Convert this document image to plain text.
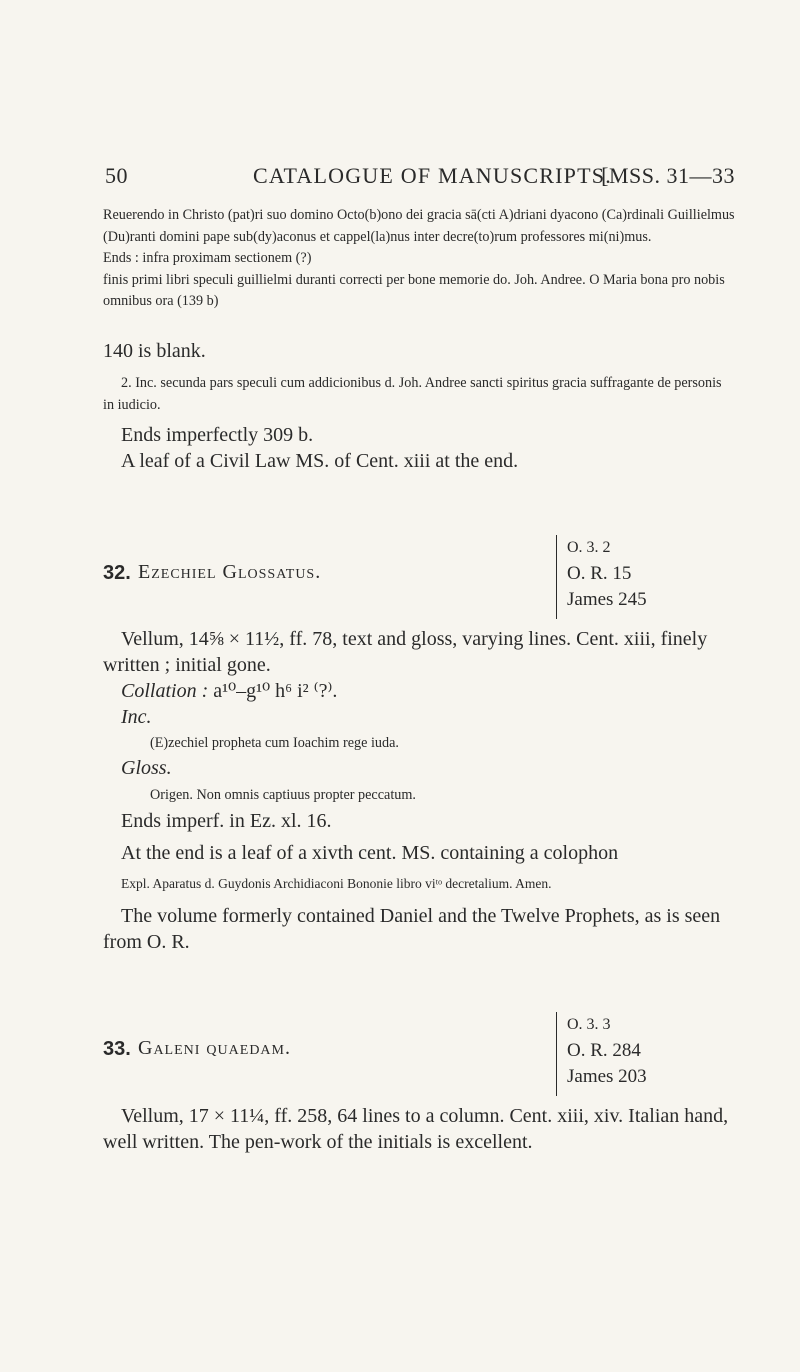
50	CATALOGUE OF MANUSCRIPTS.
[MSS. 31—33
Reuerendo in Christo (pat)ri suo domino Octo(b)ono dei gracia sā(cti A)driani dyacono (Ca)rdinali Guillielmus (Du)ranti domini pape sub(dy)aconus et cappel(la)nus inter decre(to)rum professores mi(ni)mus.
Ends : infra proximam sectionem (?)
finis primi libri speculi guillielmi duranti correcti per bone memorie do. Joh. Andree. O Maria bona pro nobis omnibus ora (139 b)
140 is blank.
2. Inc. secunda pars speculi cum addicionibus d. Joh. Andree sancti spiritus gracia suffragante de personis in iudicio.
Ends imperfectly 309 b.
A leaf of a Civil Law MS. of Cent. xiii at the end.
32. Ezechiel Glossatus.
O. 3. 2
O. R. 15
James 245
Vellum, 14⅝ × 11½, ff. 78, text and gloss, varying lines. Cent. xiii, finely written ; initial gone.
Collation : a¹⁰–g¹⁰ h⁶ i² ⁽?⁾.
Inc.
(E)zechiel propheta cum Ioachim rege iuda.
Gloss.
Origen. Non omnis captiuus propter peccatum.
Ends imperf. in Ez. xl. 16.
At the end is a leaf of a xivth cent. MS. containing a colophon
Expl. Aparatus d. Guydonis Archidiaconi Bononie libro viᵗᵒ decretalium. Amen.
The volume formerly contained Daniel and the Twelve Prophets, as is seen from O. R.
33. Galeni quaedam.
O. 3. 3
O. R. 284
James 203
Vellum, 17 × 11¼, ff. 258, 64 lines to a column. Cent. xiii, xiv. Italian hand, well written. The pen-work of the initials is excellent.
